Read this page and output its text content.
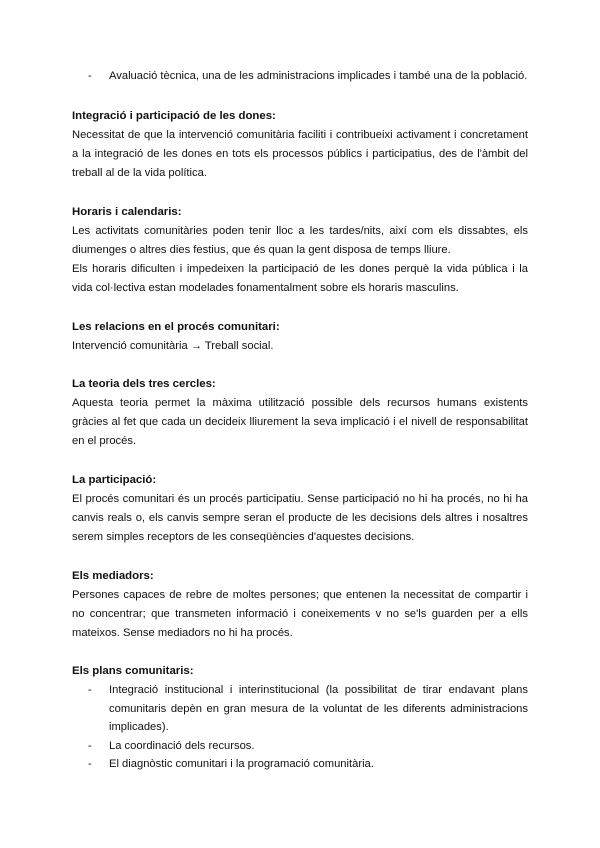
- Avaluació tècnica, una de les administracions implicades i també una de la població.

Integració i participació de les dones:

Necessitat de que la intervenció comunitària faciliti i contribueixi activament i concretament a la integració de les dones en tots els processos públics i participatius, des de l'àmbit del treball al de la vida política.

Horaris i calendaris:

Les activitats comunitàries poden tenir lloc a les tardes/nits, així com els dissabtes, els diumenges o altres dies festius, que és quan la gent disposa de temps lliure.

Els horaris dificulten i impedeixen la participació de les dones perquè la vida pública i la vida col·lectiva estan modelades fonamentalment sobre els horaris masculins.

Les relacions en el procés comunitari:

Intervenció comunitària → Treball social.

La teoria dels tres cercles:

Aquesta teoria permet la màxima utilització possible dels recursos humans existents gràcies al fet que cada un decideix lliurement la seva implicació i el nivell de responsabilitat en el procés.

La participació:

El procés comunitari és un procés participatiu. Sense participació no hi ha procés, no hi ha canvis reals o, els canvis sempre seran el producte de les decisions dels altres i nosaltres serem simples receptors de les conseqüències d'aquestes decisions.

Els mediadors:

Persones capaces de rebre de moltes persones; que entenen la necessitat de compartir i no concentrar; que transmeten informació i coneixements v no se'ls guarden per a ells mateixos. Sense mediadors no hi ha procés.

Els plans comunitaris:

- Integració institucional i interinstitucional (la possibilitat de tirar endavant plans comunitaris depèn en gran mesura de la voluntat de les diferents administracions implicades).
- La coordinació dels recursos.
- El diagnòstic comunitari i la programació comunitària.
